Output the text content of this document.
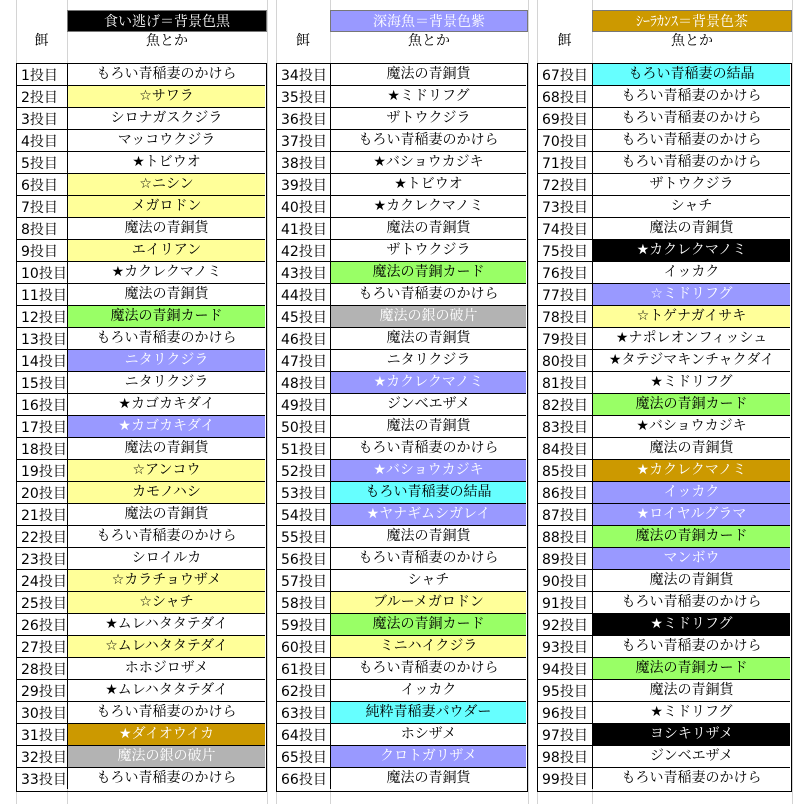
食い逃げ＝背景色黒	深海魚＝背景色紫	ｼｰﾗｶﾝｽ＝背景色茶
餌	魚とか	餌	魚とか	餌	魚とか
1投目	もろい青稲妻のかけら
2投目	☆サワラ
3投目	シロナガスクジラ
4投目	マッコウクジラ
5投目	★トビウオ
6投目	☆ニシン
7投目	メガロドン
8投目	魔法の青銅貨
9投目	エイリアン
10投目	★カクレクマノミ
11投目	魔法の青銅貨
12投目	魔法の青銅カード
13投目	もろい青稲妻のかけら
14投目	ニタリクジラ
15投目	ニタリクジラ
16投目	★カゴカキダイ
17投目	★カゴカキダイ
18投目	魔法の青銅貨
19投目	☆アンコウ
20投目	カモノハシ
21投目	魔法の青銅貨
22投目	もろい青稲妻のかけら
23投目	シロイルカ
24投目	☆カラチョウザメ
25投目	☆シャチ
26投目	★ムレハタタテダイ
27投目	☆ムレハタタテダイ
28投目	ホホジロザメ
29投目	★ムレハタタテダイ
30投目	もろい青稲妻のかけら
31投目	★ダイオウイカ
32投目	魔法の銀の破片
33投目	もろい青稲妻のかけら
34投目	魔法の青銅貨
35投目	★ミドリフグ
36投目	ザトウクジラ
37投目	もろい青稲妻のかけら
38投目	★バショウカジキ
39投目	★トビウオ
40投目	★カクレクマノミ
41投目	魔法の青銅貨
42投目	ザトウクジラ
43投目	魔法の青銅カード
44投目	もろい青稲妻のかけら
45投目	魔法の銀の破片
46投目	魔法の青銅貨
47投目	ニタリクジラ
48投目	★カクレクマノミ
49投目	ジンベエザメ
50投目	魔法の青銅貨
51投目	もろい青稲妻のかけら
52投目	★バショウカジキ
53投目	もろい青稲妻の結晶
54投目	★ヤナギムシガレイ
55投目	魔法の青銅貨
56投目	もろい青稲妻のかけら
57投目	シャチ
58投目	ブルーメガロドン
59投目	魔法の青銅カード
60投目	ミニハイクジラ
61投目	もろい青稲妻のかけら
62投目	イッカク
63投目	純粋青稲妻パウダー
64投目	ホシザメ
65投目	クロトガリザメ
66投目	魔法の青銅貨
67投目	もろい青稲妻の結晶
68投目	もろい青稲妻のかけら
69投目	もろい青稲妻のかけら
70投目	もろい青稲妻のかけら
71投目	もろい青稲妻のかけら
72投目	ザトウクジラ
73投目	シャチ
74投目	魔法の青銅貨
75投目	★カクレクマノミ
76投目	イッカク
77投目	☆ミドリフグ
78投目	☆トゲナガイサキ
79投目	★ナポレオンフィッシュ
80投目	★タテジマキンチャクダイ
81投目	★ミドリフグ
82投目	魔法の青銅カード
83投目	★バショウカジキ
84投目	魔法の青銅貨
85投目	★カクレクマノミ
86投目	イッカク
87投目	★ロイヤルグラマ
88投目	魔法の青銅カード
89投目	マンボウ
90投目	魔法の青銅貨
91投目	もろい青稲妻のかけら
92投目	★ミドリフグ
93投目	もろい青稲妻のかけら
94投目	魔法の青銅カード
95投目	魔法の青銅貨
96投目	★ミドリフグ
97投目	ヨシキリザメ
98投目	ジンベエザメ
99投目	もろい青稲妻のかけら
